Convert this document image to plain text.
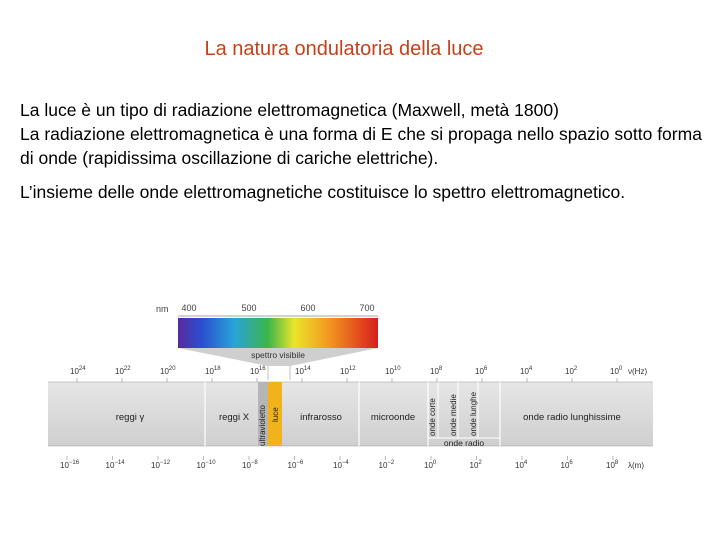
La natura ondulatoria della luce

La luce è un tipo di radiazione elettromagnetica (Maxwell, metà 1800)

La radiazione elettromagnetica è una forma di E che si propaga nello spazio sotto forma di onde (rapidissima oscillazione di cariche elettriche).

L’insieme delle onde elettromagnetiche costituisce lo spettro elettromagnetico.

nm 400	500	600	700
spettro visibile
$10^{24}$	$10^{22}$	$10^{20}$	$10^{18}$	$10^{16}$	$10^{14}$	$10^{12}$	$10^{10}$	$10^8$	$10^6$	$10^4$	$10^2$	$10^0$ ν(Hz)
reggi γ	reggi X	infrarosso	microonde	onde radio lunghissime
onde radio
ultravioletto luce	onde corte onde medie onde lunghe
$10^{-16}$	$10^{-14}$	$10^{-12}$	$10^{-10}$	$10^{-8}$	$10^{-6}$	$10^{-4}$	$10^{-2}$	$10^0$	$10^2$	$10^4$	$10^6$	$10^8$ λ(m)
